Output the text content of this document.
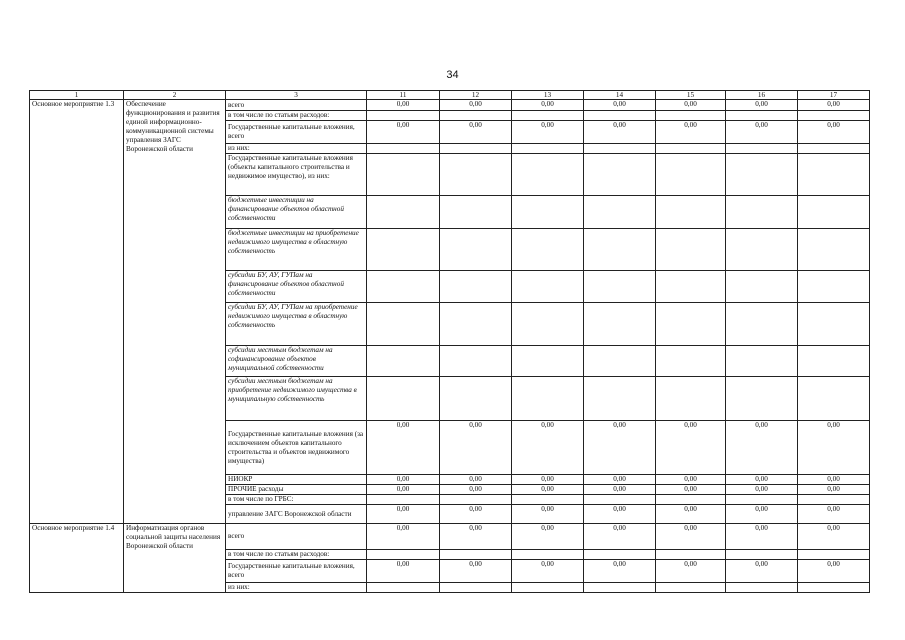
34
1	2	3	11	12	13	14	15	16	17
Основное мероприятие 1.3	Обеспечение функционирования и развития единой информационно-коммуникационной системы управления ЗАГС Воронежской области	всего	0,00	0,00	0,00	0,00	0,00	0,00	0,00
		в том числе по статьям расходов:							
		Государственные капитальные вложения, всего	0,00	0,00	0,00	0,00	0,00	0,00	0,00
		из них:							
		Государственные капитальные вложения (объекты капитального строительства и недвижимое имущество), из них:							
		бюджетные инвестиции на финансирование объектов областной собственности							
		бюджетные инвестиции на приобретение недвижимого имущества в областную собственность							
		субсидии БУ, АУ, ГУПам на финансирование объектов областной собственности							
		субсидии БУ, АУ, ГУПам на приобретение недвижимого имущества в областную собственность							
		субсидии местным бюджетам на софинансирование объектов муниципальной собственности							
		субсидии местным бюджетам на приобретение недвижимого имущества в муниципальную собственность							
		Государственные капитальные вложения (за исключением объектов капитального строительства и объектов недвижимого имущества)	0,00	0,00	0,00	0,00	0,00	0,00	0,00
		НИОКР	0,00	0,00	0,00	0,00	0,00	0,00	0,00
		ПРОЧИЕ расходы	0,00	0,00	0,00	0,00	0,00	0,00	0,00
		в том числе по ГРБС:							
		управление ЗАГС Воронежской области	0,00	0,00	0,00	0,00	0,00	0,00	0,00
Основное мероприятие 1.4	Информатизация органов социальной защиты населения Воронежской области	всего	0,00	0,00	0,00	0,00	0,00	0,00	0,00
		в том числе по статьям расходов:							
		Государственные капитальные вложения, всего	0,00	0,00	0,00	0,00	0,00	0,00	0,00
		из них:							
